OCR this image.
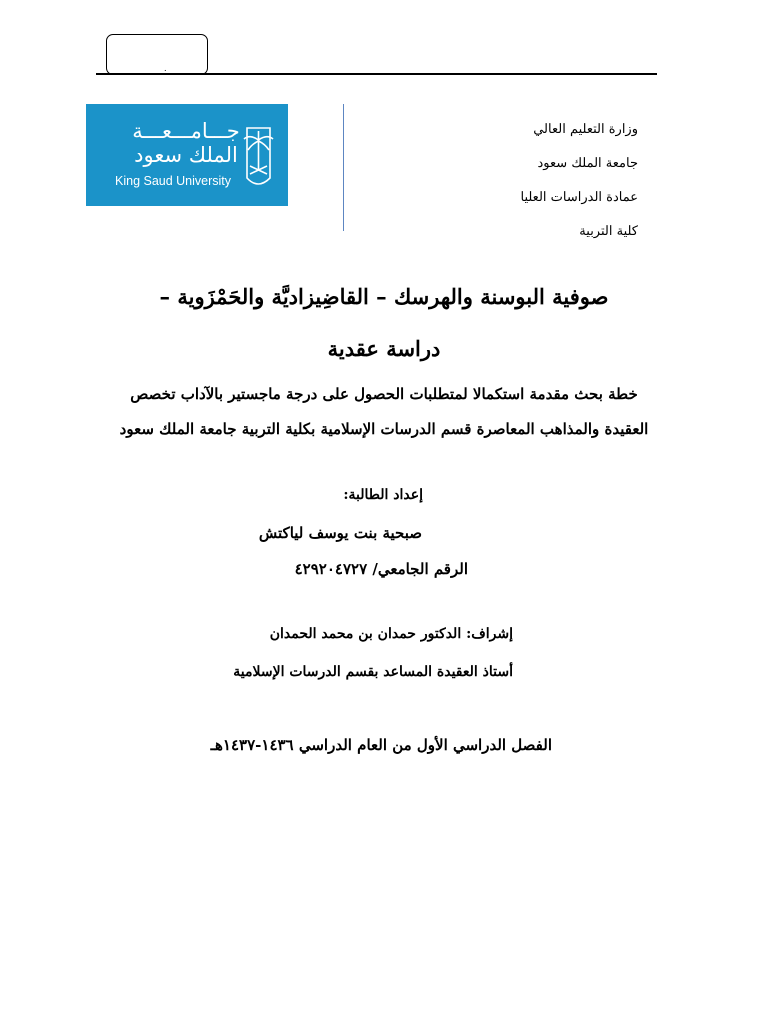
.
جـــامـــعـــة
الملك سعود
King Saud University
وزارة التعليم العالي
جامعة الملك سعود
عمادة الدراسات العليا
كلية التربية
صوفية البوسنة والهرسك – القاضِيزاديَّة والحَمْزَوية –
دراسة عقدية
خطة بحث مقدمة استكمالا لمتطلبات الحصول على درجة ماجستير بالآداب تخصص
العقيدة والمذاهب المعاصرة قسم الدرسات الإسلامية بكلية التربية جامعة الملك سعود
إعداد الطالبة:
صبحية بنت يوسف لياكتش
الرقم الجامعي/ ٤٢٩٢٠٤٧٢٧
إشراف: الدكتور حمدان بن محمد الحمدان
أستاذ العقيدة المساعد بقسم الدرسات الإسلامية
الفصل الدراسي الأول من العام الدراسي ١٤٣٦-١٤٣٧هـ
